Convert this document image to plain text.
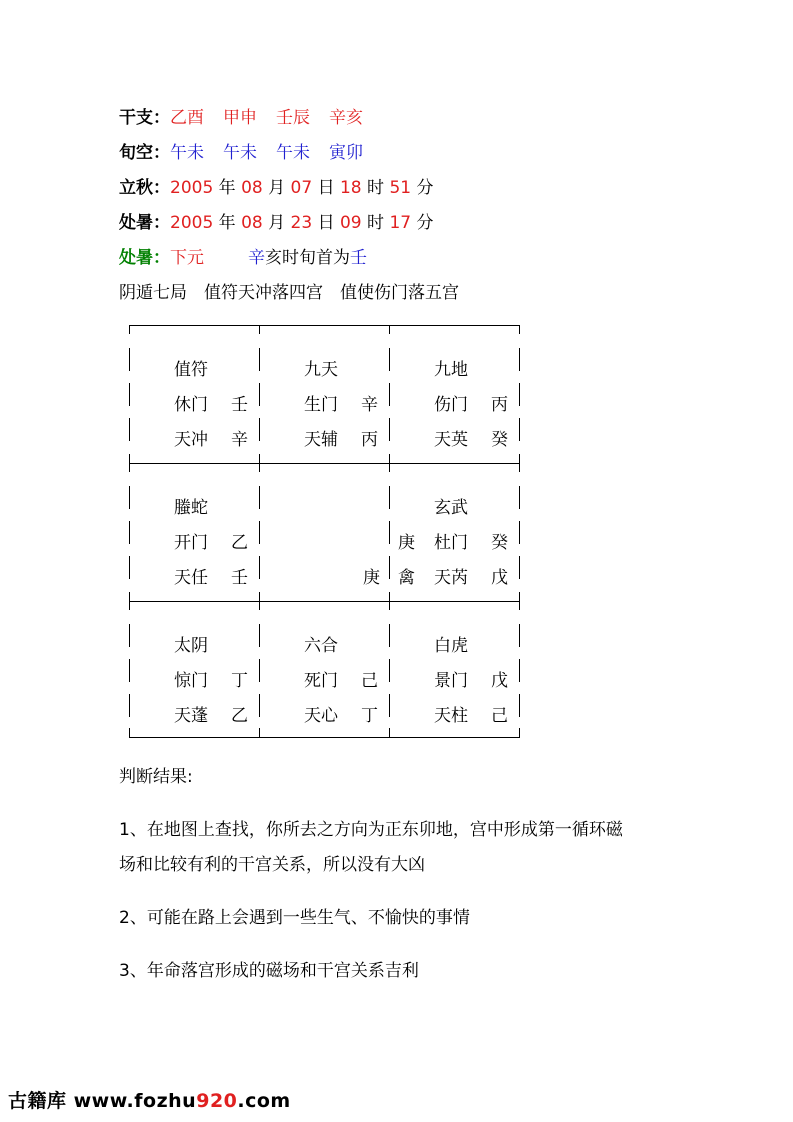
干支：乙酉 甲申 壬辰 辛亥
旬空：午未 午未 午未 寅卯
立秋：2005 年 08 月 07 日 18 时 51 分
处暑：2005 年 08 月 23 日 09 时 17 分
处暑：下元	辛亥时旬首为壬
阴遁七局　值符天冲落四宫　值使伤门落五宫
值符
休门 壬
天冲 辛
九天
生门 辛
天辅 丙
九地
伤门 丙
天英 癸
螣蛇
开门 乙
天任 壬	庚
庚
禽
玄武
杜门 癸
天芮 戊
太阴
惊门 丁
天蓬 乙
六合
死门 己
天心 丁
白虎
景门 戊
天柱 己
判断结果:
1、在地图上查找，你所去之方向为正东卯地，宫中形成第一循环磁
场和比较有利的干宫关系，所以没有大凶
2、可能在路上会遇到一些生气、不愉快的事情
3、年命落宫形成的磁场和干宫关系吉利
古籍库 www.fozhu920.com
